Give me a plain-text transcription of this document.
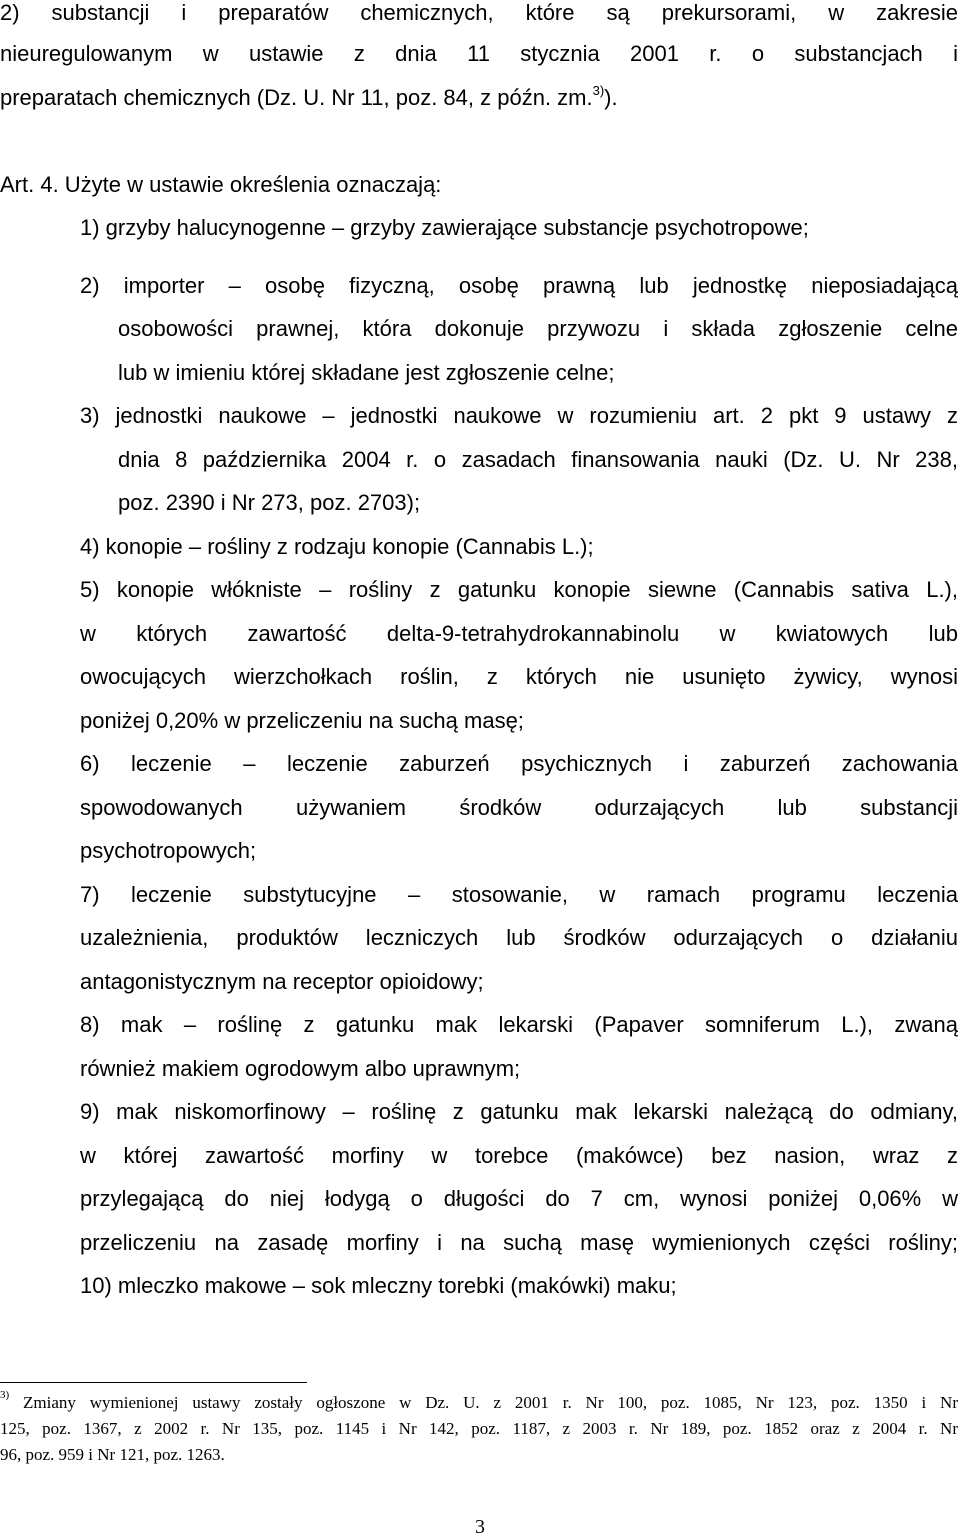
2) substancji i preparatów chemicznych, które są prekursorami, w zakresie
nieuregulowanym w ustawie z dnia 11 stycznia 2001 r. o substancjach i
preparatach chemicznych (Dz. U. Nr 11, poz. 84, z późn. zm.$^{3)}$).
Art. 4. Użyte w ustawie określenia oznaczają:
1) grzyby halucynogenne – grzyby zawierające substancje psychotropowe;
2) importer – osobę fizyczną, osobę prawną lub jednostkę nieposiadającą
osobowości prawnej, która dokonuje przywozu i składa zgłoszenie celne
lub w imieniu której składane jest zgłoszenie celne;
3) jednostki naukowe – jednostki naukowe w rozumieniu art. 2 pkt 9 ustawy z
dnia 8 października 2004 r. o zasadach finansowania nauki (Dz. U. Nr 238,
poz. 2390 i Nr 273, poz. 2703);
4) konopie – rośliny z rodzaju konopie (Cannabis L.);
5) konopie włókniste – rośliny z gatunku konopie siewne (Cannabis sativa L.),
w których zawartość delta-9-tetrahydrokannabinolu w kwiatowych lub
owocujących wierzchołkach roślin, z których nie usunięto żywicy, wynosi
poniżej 0,20% w przeliczeniu na suchą masę;
6) leczenie – leczenie zaburzeń psychicznych i zaburzeń zachowania
spowodowanych używaniem środków odurzających lub substancji
psychotropowych;
7) leczenie substytucyjne – stosowanie, w ramach programu leczenia
uzależnienia, produktów leczniczych lub środków odurzających o działaniu
antagonistycznym na receptor opioidowy;
8) mak – roślinę z gatunku mak lekarski (Papaver somniferum L.), zwaną
również makiem ogrodowym albo uprawnym;
9) mak niskomorfinowy – roślinę z gatunku mak lekarski należącą do odmiany,
w której zawartość morfiny w torebce (makówce) bez nasion, wraz z
przylegającą do niej łodygą o długości do 7 cm, wynosi poniżej 0,06% w
przeliczeniu na zasadę morfiny i na suchą masę wymienionych części rośliny;
10) mleczko makowe – sok mleczny torebki (makówki) maku;
$^{3)}$ Zmiany wymienionej ustawy zostały ogłoszone w Dz. U. z 2001 r. Nr 100, poz. 1085, Nr 123, poz. 1350 i Nr
125, poz. 1367, z 2002 r. Nr 135, poz. 1145 i Nr 142, poz. 1187, z 2003 r. Nr 189, poz. 1852 oraz z 2004 r. Nr
96, poz. 959 i Nr 121, poz. 1263.
3
